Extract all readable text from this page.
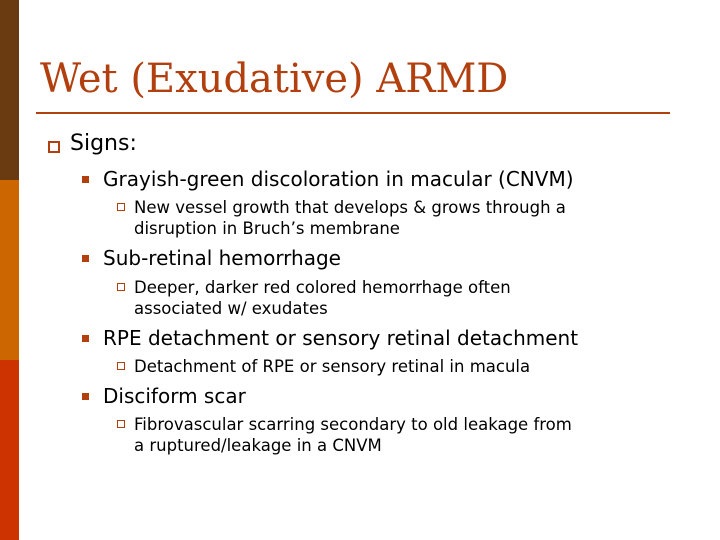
Wet (Exudative) ARMD
Signs:
Grayish-green discoloration in macular (CNVM)
New vessel growth that develops & grows through a
disruption in Bruch’s membrane
Sub-retinal hemorrhage
Deeper, darker red colored hemorrhage often
associated w/ exudates
RPE detachment or sensory retinal detachment
Detachment of RPE or sensory retinal in macula
Disciform scar
Fibrovascular scarring secondary to old leakage from
a ruptured/leakage in a CNVM
